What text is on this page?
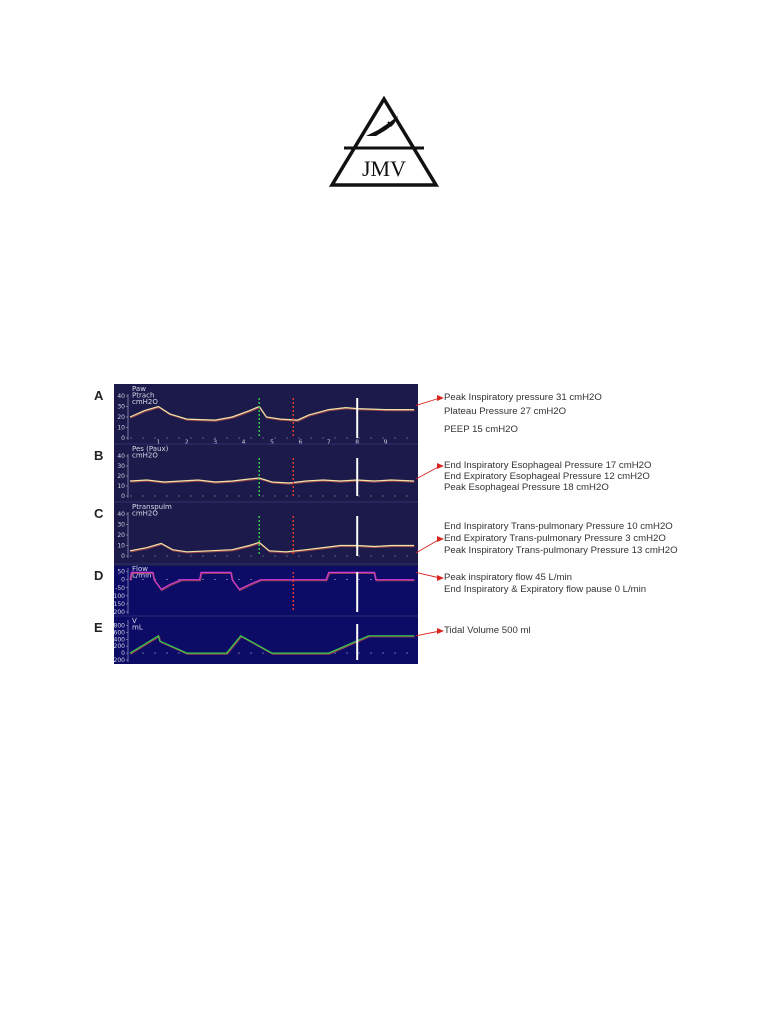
JMV
A
B
C
D
E
Peak Inspiratory pressure 31 cmH2O
Plateau Pressure 27 cmH2O
PEEP 15 cmH2O
End Inspiratory Esophageal Pressure 17 cmH2O
End Expiratory Esophageal Pressure 12 cmH2O
Peak Esophageal Pressure 18 cmH2O
End Inspiratory Trans-pulmonary Pressure 10 cmH2O
End Expiratory Trans-pulmonary Pressure 3 cmH2O
Peak Inspiratory Trans-pulmonary Pressure 13 cmH2O
Peak inspiratory flow 45 L/min
End Inspiratory & Expiratory flow pause 0 L/min
Tidal Volume 500 ml
40
30
20
10
0
Paw
Ptrach
cmH2O
1	2	3	4	5	6	7	8	9
40
30
20
10
0
Pes (Paux)
cmH2O
40
30
20
10
0
Ptranspulm
cmH2O
50
0
-50
-100
-150
-200
Flow
L/min
800
600
400
200
0
-200
V
mL
